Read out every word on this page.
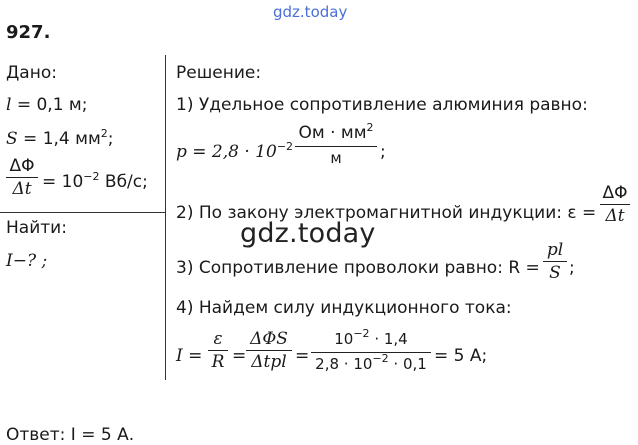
gdz.today
gdz.today
927.
Дано:
l = 0,1 м;
S = 1,4 $мм^2$;
ΔΦ
$\Delta t = 10^{-2}$ Вб/с;
Найти:
I−? ;
Решение:
1) Удельное сопротивление алюминия равно:
$p = 2,8 \cdot 10^{-2}$
Ом · $мм^2$
м	;
2) По закону электромагнитной индукции: ε =
ΔΦ
Δt
3) Сопротивление проволоки равно: R =
pl
S ;
4) Найдем силу индукционного тока:
I =
ε
R =
ΔΦS
Δtpl =
$10^{-2} \cdot 1,4$
$2,8 \cdot 10^{-2} \cdot 0,1 = 5$ А;
Ответ: I = 5 А.
